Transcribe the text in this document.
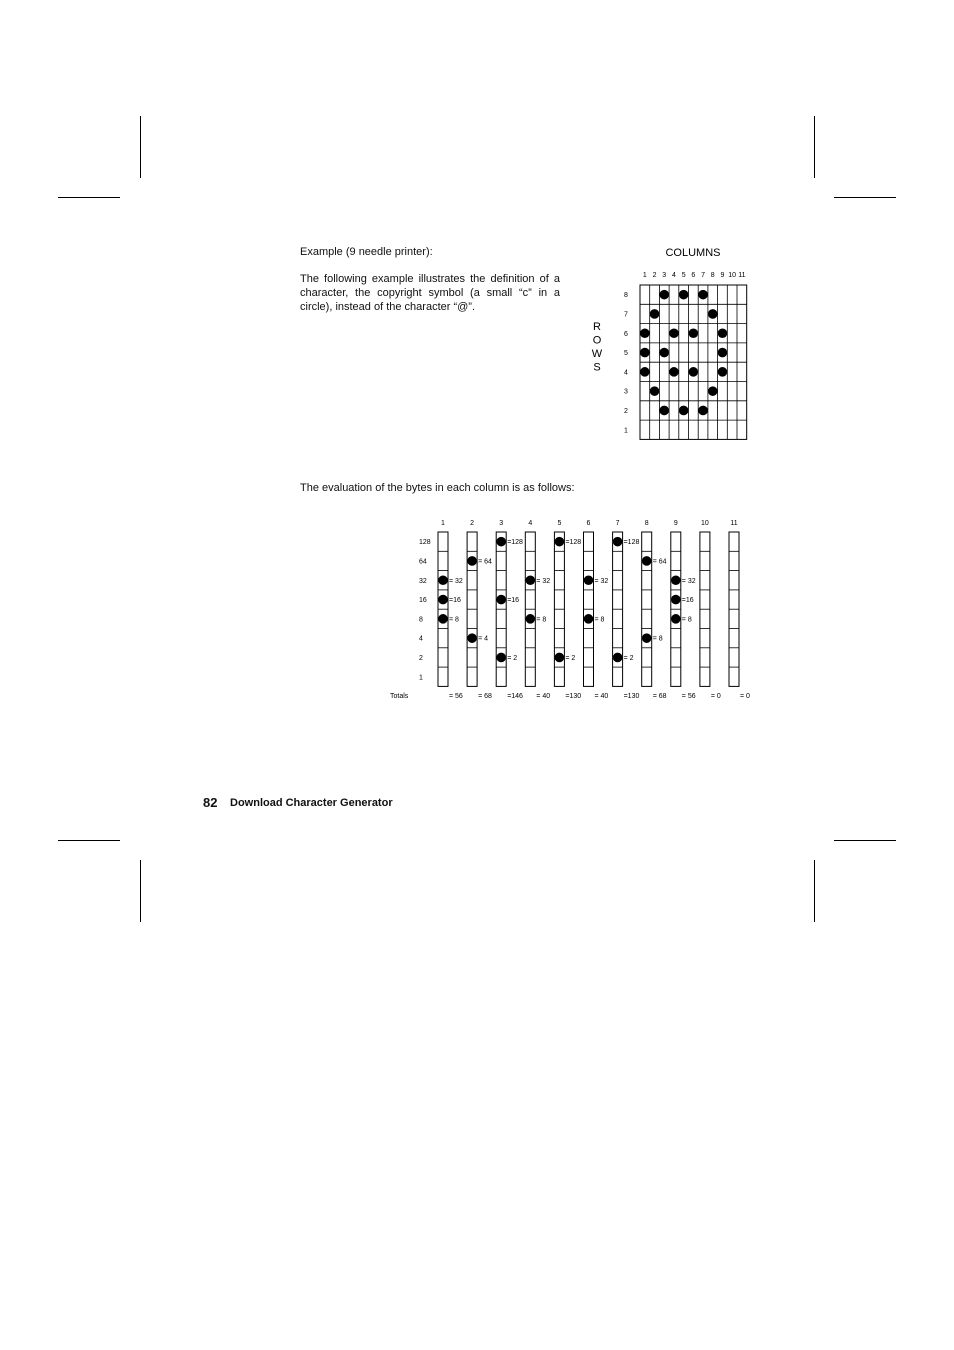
Example (9 needle printer):
The following example illustrates the definition of a character, the copyright symbol (a small “c” in a circle), instead of the character “@”.
The evaluation of the bytes in each column is as follows:
COLUMNS
R
O
W
S
1 2 3 4 5 6 7 8 9 10 11
8
7
6
5
4
3
2
1
128
64
32
16
8
4
2
1
Totals
1
= 32
=16
= 8
= 56
2
= 64
= 4
= 68
3
=128
=16
= 2
=146
4
= 32
= 8
= 40
5
=128
= 2
=130
6
= 32
= 8
= 40
7
=128
= 2
=130
8
= 64
= 8
= 68
9
= 32
=16
= 8
= 56
10
= 0
11
= 0
82 Download Character Generator
